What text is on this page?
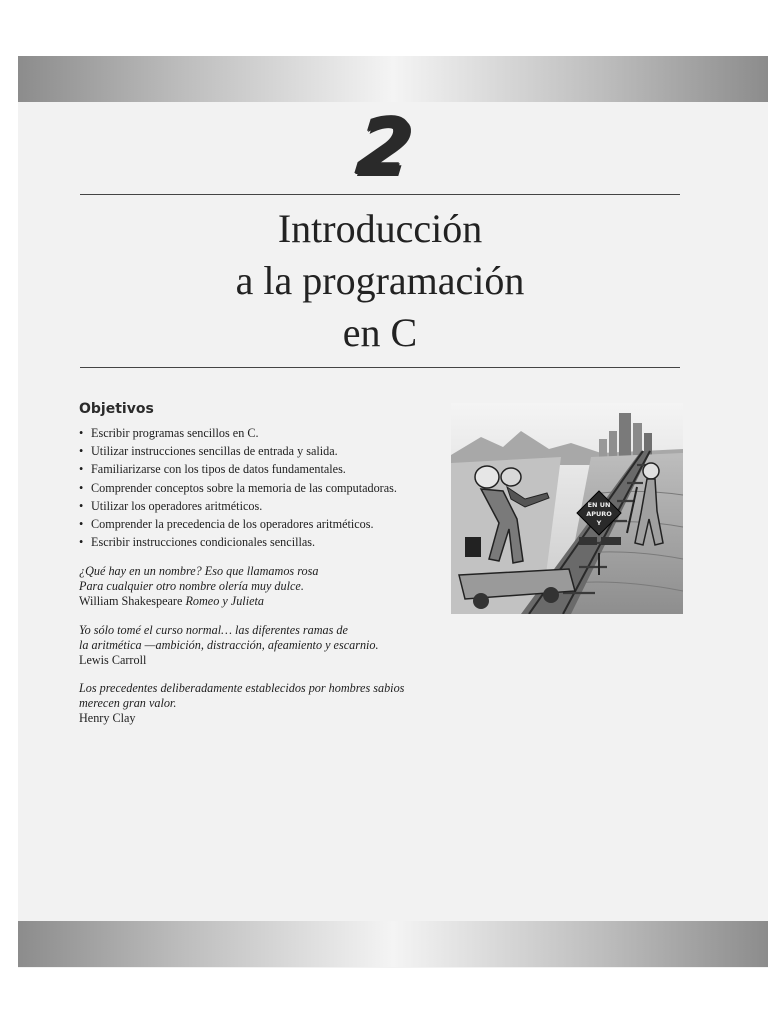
2
Introducción
a la programación
en C
Objetivos
• Escribir programas sencillos en C.
• Utilizar instrucciones sencillas de entrada y salida.
• Familiarizarse con los tipos de datos fundamentales.
• Comprender conceptos sobre la memoria de las computadoras.
• Utilizar los operadores aritméticos.
• Comprender la precedencia de los operadores aritméticos.
• Escribir instrucciones condicionales sencillas.
¿Qué hay en un nombre? Eso que llamamos rosa
Para cualquier otro nombre olería muy dulce.
William Shakespeare Romeo y Julieta
Yo sólo tomé el curso normal… las diferentes ramas de
la aritmética —ambición, distracción, afeamiento y escarnio.
Lewis Carroll
Los precedentes deliberadamente establecidos por hombres sabios
merecen gran valor.
Henry Clay
EN UN
APURO
Y
